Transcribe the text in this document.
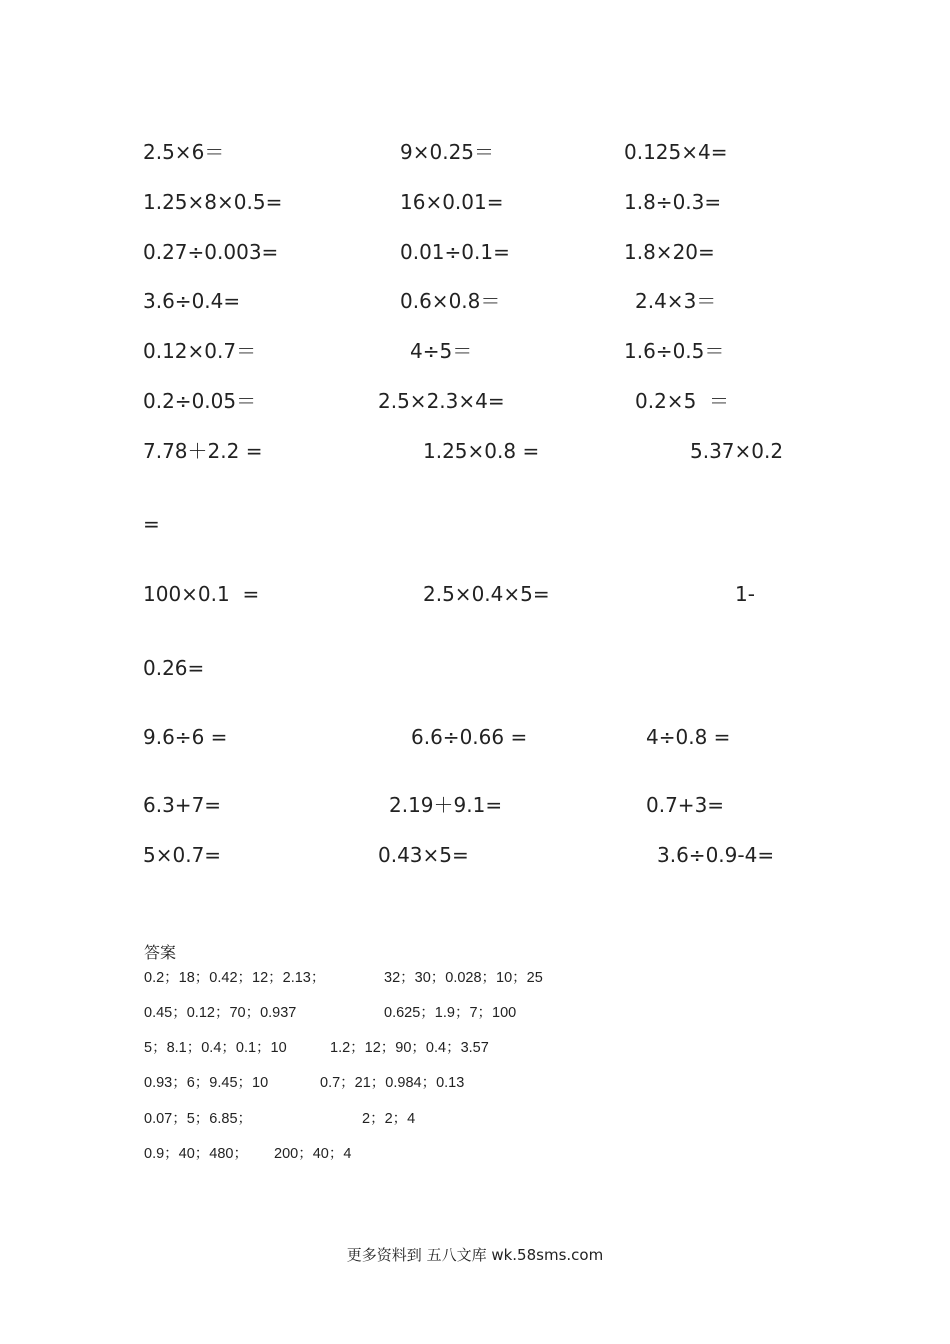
2.5×6＝	9×0.25＝	0.125×4=
1.25×8×0.5=	16×0.01=	1.8÷0.3=
0.27÷0.003=	0.01÷0.1=	1.8×20=
3.6÷0.4=	0.6×0.8＝	2.4×3＝
0.12×0.7＝	4÷5＝	1.6÷0.5＝
0.2÷0.05＝	2.5×2.3×4=	0.2×5  ＝
7.78＋2.2 =	1.25×0.8 =	5.37×0.2
=
100×0.1  =	2.5×0.4×5=	1-
0.26=
9.6÷6 =	6.6÷0.66 =	4÷0.8 =
6.3+7=	2.19＋9.1=	0.7+3=
5×0.7=	0.43×5=	3.6÷0.9-4=
答案
0.2；18；0.42；12；2.13；	32；30；0.028；10；25
0.45；0.12；70；0.937	0.625；1.9；7；100
5；8.1；0.4；0.1；10	1.2；12；90；0.4；3.57
0.93；6；9.45；10	0.7；21；0.984；0.13
0.07；5；6.85；	2；2；4
0.9；40；480； 200；40；4
更多资料到 五八文库 wk.58sms.com
